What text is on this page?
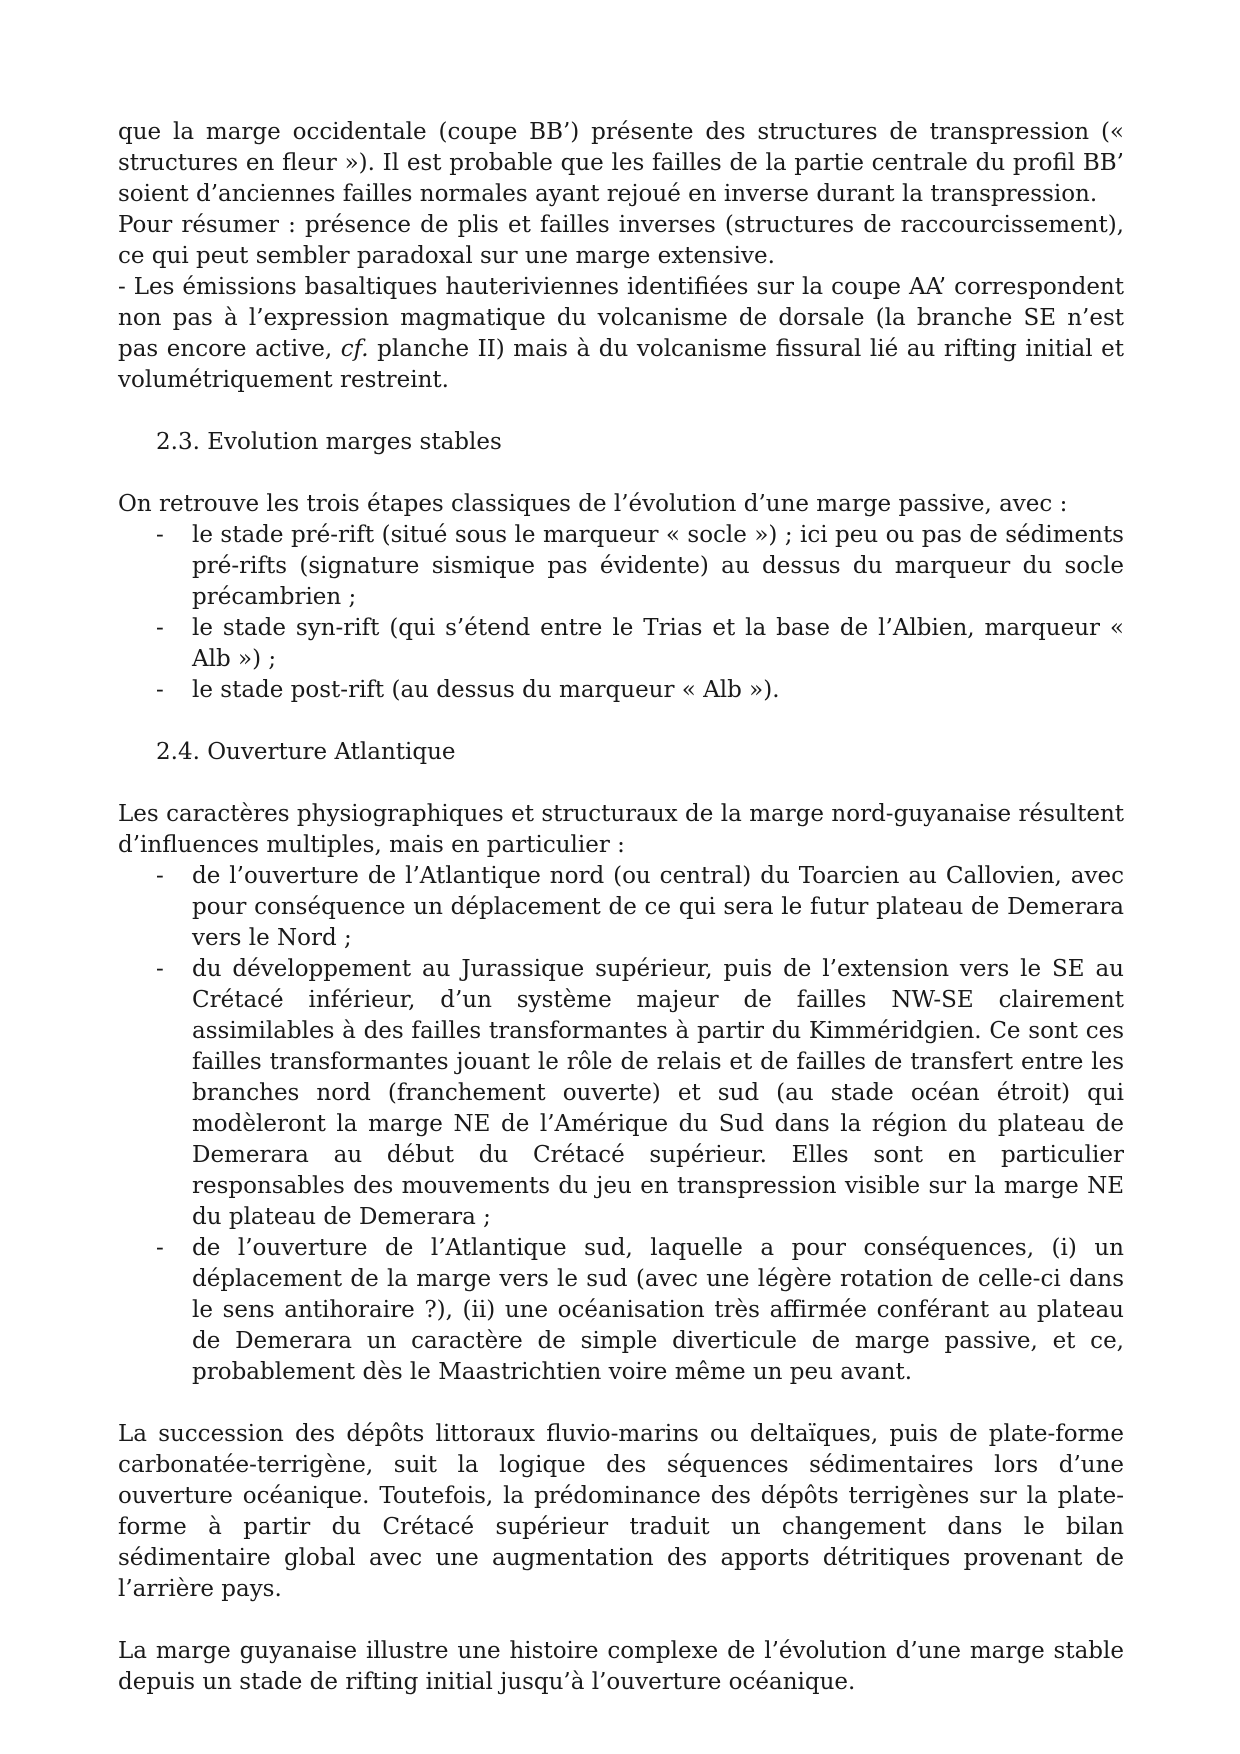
que la marge occidentale (coupe BB’) présente des structures de transpression (« structures en fleur »). Il est probable que les failles de la partie centrale du profil BB’ soient d’anciennes failles normales ayant rejoué en inverse durant la transpression.

Pour résumer : présence de plis et failles inverses (structures de raccourcissement), ce qui peut sembler paradoxal sur une marge extensive.

- Les émissions basaltiques hauteriviennes identifiées sur la coupe AA’ correspondent non pas à l’expression magmatique du volcanisme de dorsale (la branche SE n’est pas encore active, cf. planche II) mais à du volcanisme fissural lié au rifting initial et volumétriquement restreint.

2.3. Evolution marges stables

On retrouve les trois étapes classiques de l’évolution d’une marge passive, avec :

- le stade pré-rift (situé sous le marqueur « socle ») ; ici peu ou pas de sédiments pré-rifts (signature sismique pas évidente) au dessus du marqueur du socle précambrien ;
- le stade syn-rift (qui s’étend entre le Trias et la base de l’Albien, marqueur « Alb ») ;
- le stade post-rift (au dessus du marqueur « Alb »).

2.4. Ouverture Atlantique

Les caractères physiographiques et structuraux de la marge nord-guyanaise résultent d’influences multiples, mais en particulier :

- de l’ouverture de l’Atlantique nord (ou central) du Toarcien au Callovien, avec pour conséquence un déplacement de ce qui sera le futur plateau de Demerara vers le Nord ;
- du développement au Jurassique supérieur, puis de l’extension vers le SE au Crétacé inférieur, d’un système majeur de failles NW-SE clairement assimilables à des failles transformantes à partir du Kimméridgien. Ce sont ces failles transformantes jouant le rôle de relais et de failles de transfert entre les branches nord (franchement ouverte) et sud (au stade océan étroit) qui modèleront la marge NE de l’Amérique du Sud dans la région du plateau de Demerara au début du Crétacé supérieur. Elles sont en particulier responsables des mouvements du jeu en transpression visible sur la marge NE du plateau de Demerara ;
- de l’ouverture de l’Atlantique sud, laquelle a pour conséquences, (i) un déplacement de la marge vers le sud (avec une légère rotation de celle-ci dans le sens antihoraire ?), (ii) une océanisation très affirmée conférant au plateau de Demerara un caractère de simple diverticule de marge passive, et ce, probablement dès le Maastrichtien voire même un peu avant.

La succession des dépôts littoraux fluvio-marins ou deltaïques, puis de plate-forme carbonatée-terrigène, suit la logique des séquences sédimentaires lors d’une ouverture océanique. Toutefois, la prédominance des dépôts terrigènes sur la plate-forme à partir du Crétacé supérieur traduit un changement dans le bilan sédimentaire global avec une augmentation des apports détritiques provenant de l’arrière pays.

La marge guyanaise illustre une histoire complexe de l’évolution d’une marge stable depuis un stade de rifting initial jusqu’à l’ouverture océanique.
